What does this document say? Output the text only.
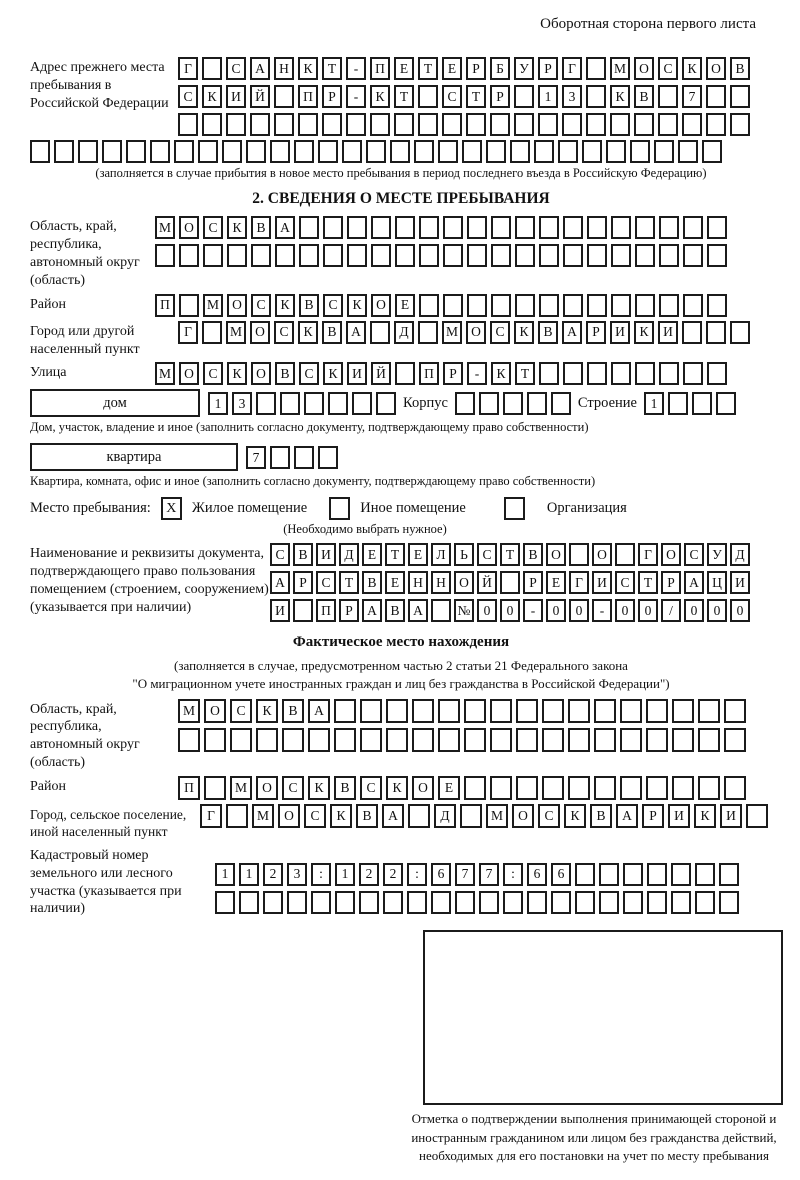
Оборотная сторона первого листа
Адрес прежнего места пребывания в Российской Федерации
Г	С	А	Н	К	Т	-	П	Е	Т	Е	Р	Б	У	Р	Г	М О	С	К	О	В
С	К	И	Й	П	Р	-	К	Т	С	Т	Р	1	3	К	В	7
(заполняется в случае прибытия в новое место пребывания в период последнего въезда в Российскую Федерацию)
2. СВЕДЕНИЯ О МЕСТЕ ПРЕБЫВАНИЯ
Область, край, республика, автономный округ (область)
М О	С	К	В	А
Район	П	М О	С	К	В	С	К	О	Е
Город или другой населенный пункт
Г	М О	С	К	В	А	Д	М О	С	К	В	А	Р	И	К	И
Улица	М О	С	К	О	В	С	К	И	Й	П	Р	-	К	Т
дом	1	3	Корпус	Строение	1
Дом, участок, владение и иное (заполнить согласно документу, подтверждающему право собственности)
квартира	7
Квартира, комната, офис и иное (заполнить согласно документу, подтверждающему право собственности)
Место пребывания:	X	Жилое помещение	Иное помещение	Организация
(Необходимо выбрать нужное)
Наименование и реквизиты документа, подтверждающего право пользования помещением (строением, сооружением) (указывается при наличии)
С	В	И	Д	Е	Т	Е	Л	Ь	С	Т	В	О	О	Г	О	С	У	Д
А	Р	С	Т	В	Е	Н Н О Й	Р	Е	Г	И	С	Т	Р	А Ц И
И	П	Р	А	В	А	№ 0	0	-	0	0	-	0	0	/	0	0	0
Фактическое место нахождения
(заполняется в случае, предусмотренном частью 2 статьи 21 Федерального закона
"О миграционном учете иностранных граждан и лиц без гражданства в Российской Федерации")
Область, край, республика, автономный округ (область)
М	О	С	К	В	А
Район	П	М	О	С	К	В	С	К	О	Е
Город, сельское поселение, иной населенный пункт
Г	М	О	С	К	В	А	Д	М	О	С	К	В	А	Р	И	К	И
Кадастровый номер земельного или лесного участка (указывается при наличии)
1	1	2	3	:	1	2	2	:	6	7	7	:	6	6
Отметка о подтверждении выполнения принимающей стороной и иностранным гражданином или лицом без гражданства действий, необходимых для его постановки на учет по месту пребывания
